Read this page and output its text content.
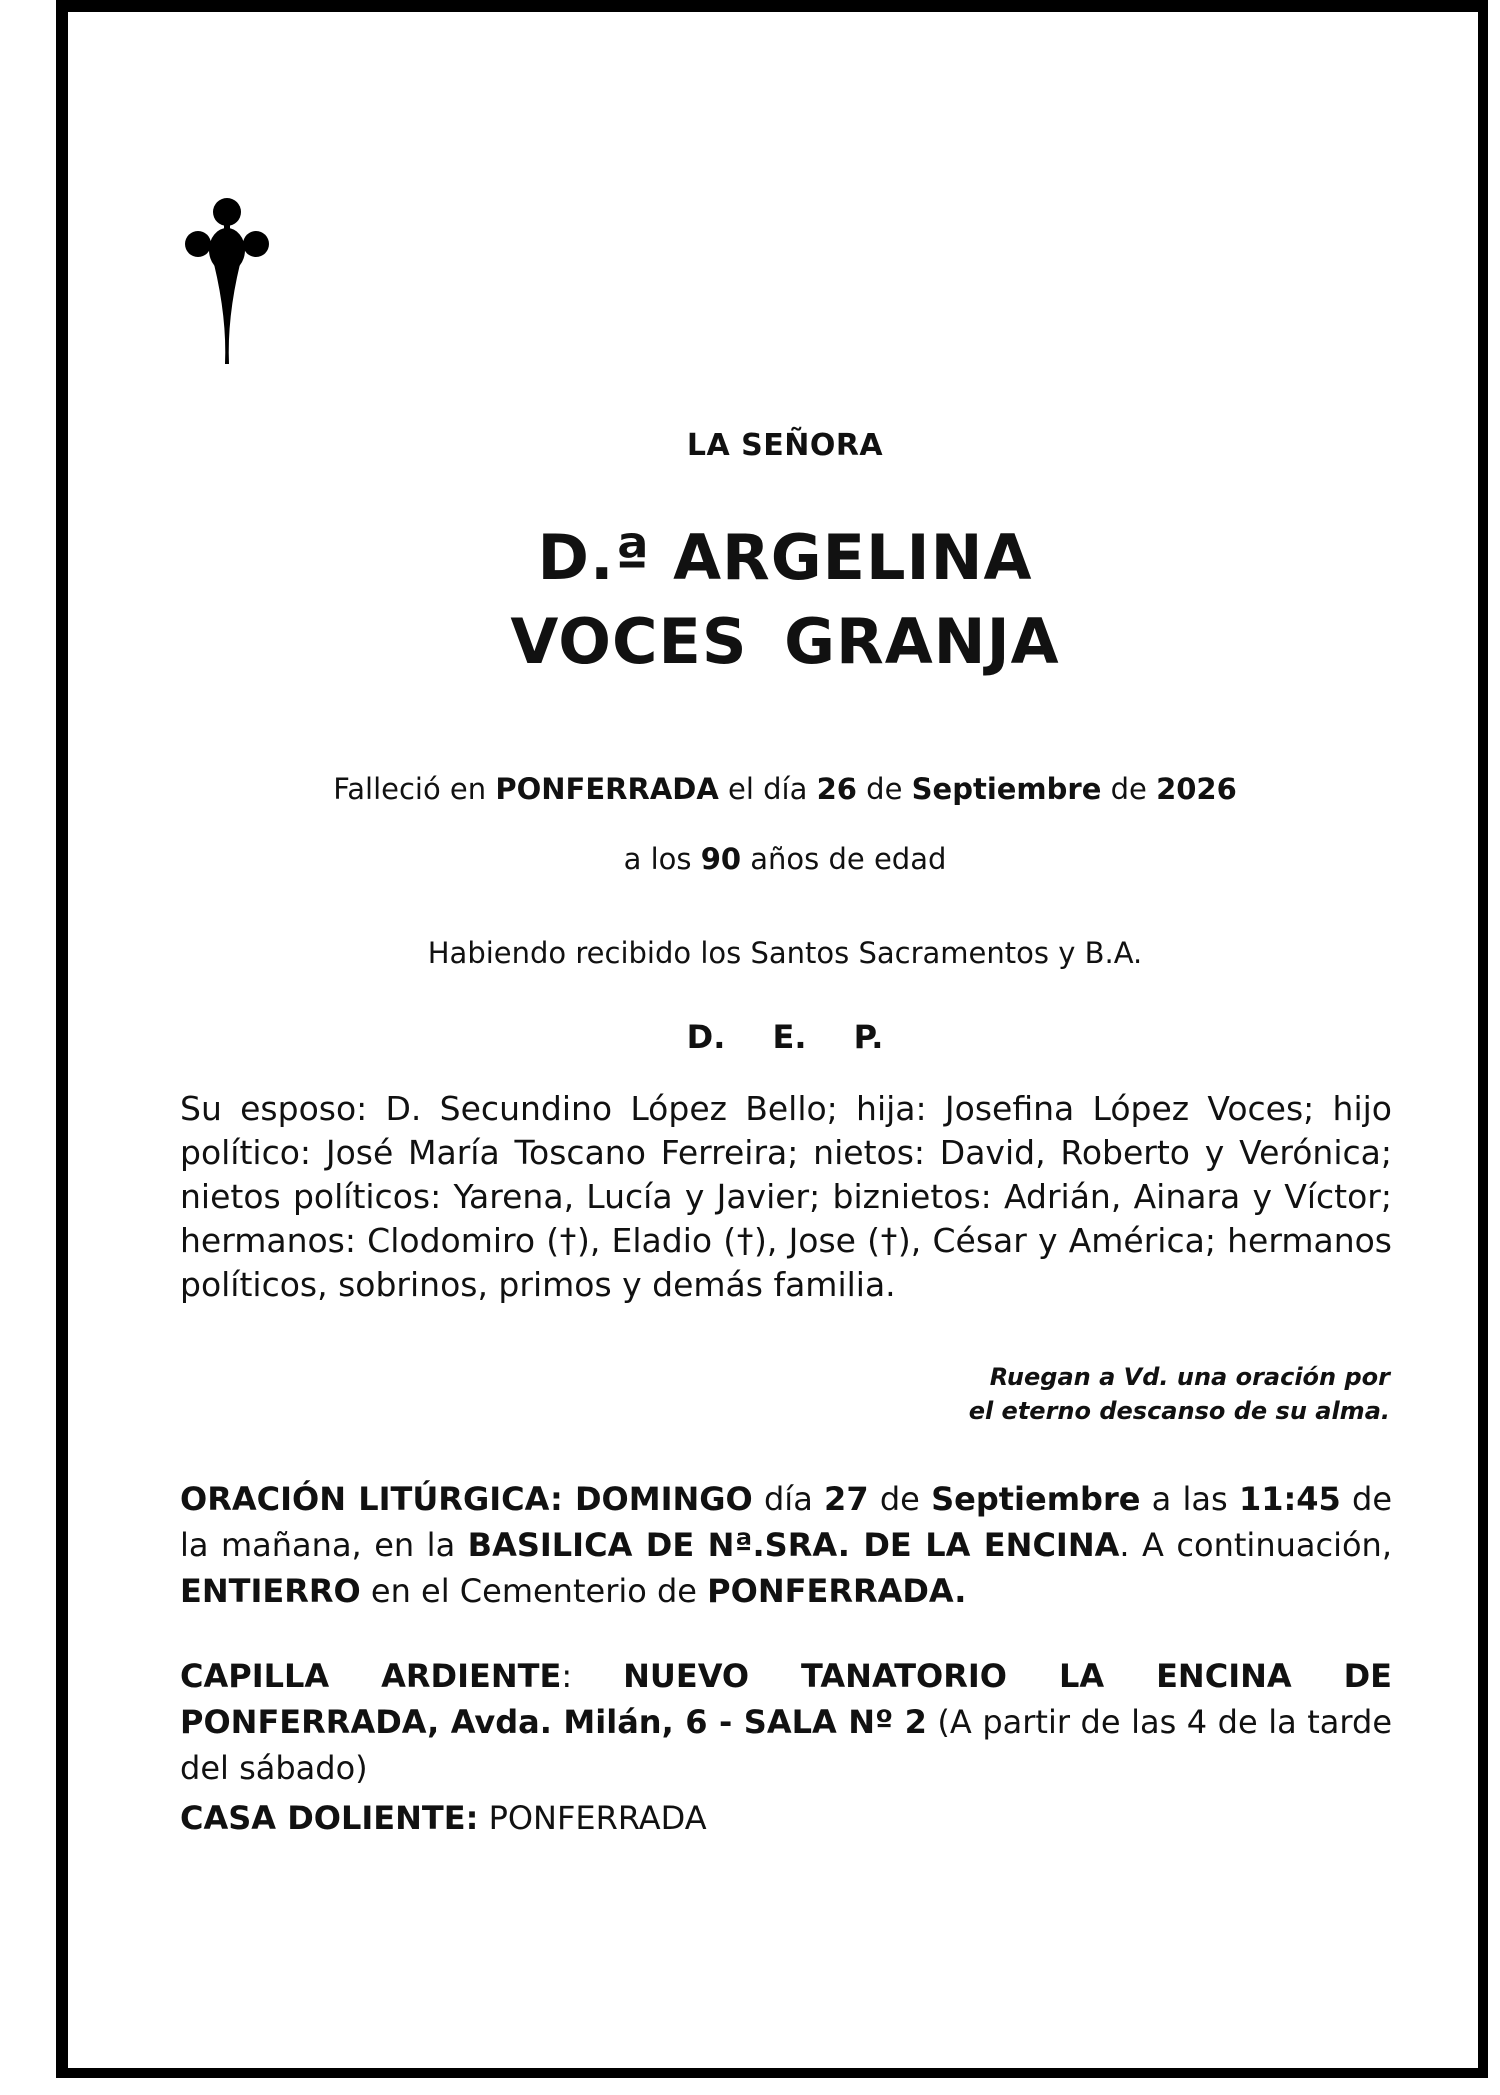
LA SEÑORA
D.ª ARGELINA
VOCES GRANJA
Falleció en PONFERRADA el día 26 de Septiembre de 2026
a los 90 años de edad
Habiendo recibido los Santos Sacramentos y B.A.
D. E. P.
Su esposo: D. Secundino López Bello; hija: Josefina López Voces; hijo político: José María Toscano Ferreira; nietos: David, Roberto y Verónica; nietos políticos: Yarena, Lucía y Javier; biznietos: Adrián, Ainara y Víctor; hermanos: Clodomiro (†), Eladio (†), Jose (†), César y América; hermanos políticos, sobrinos, primos y demás familia.
Ruegan a Vd. una oración por
el eterno descanso de su alma.
ORACIÓN LITÚRGICA: DOMINGO día 27 de Septiembre a las 11:45 de la mañana, en la BASILICA DE Nª.SRA. DE LA ENCINA. A continuación, ENTIERRO en el Cementerio de PONFERRADA.
CAPILLA ARDIENTE: NUEVO TANATORIO LA ENCINA DE PONFERRADA, Avda. Milán, 6 - SALA Nº 2 (A partir de las 4 de la tarde del sábado)
CASA DOLIENTE: PONFERRADA
